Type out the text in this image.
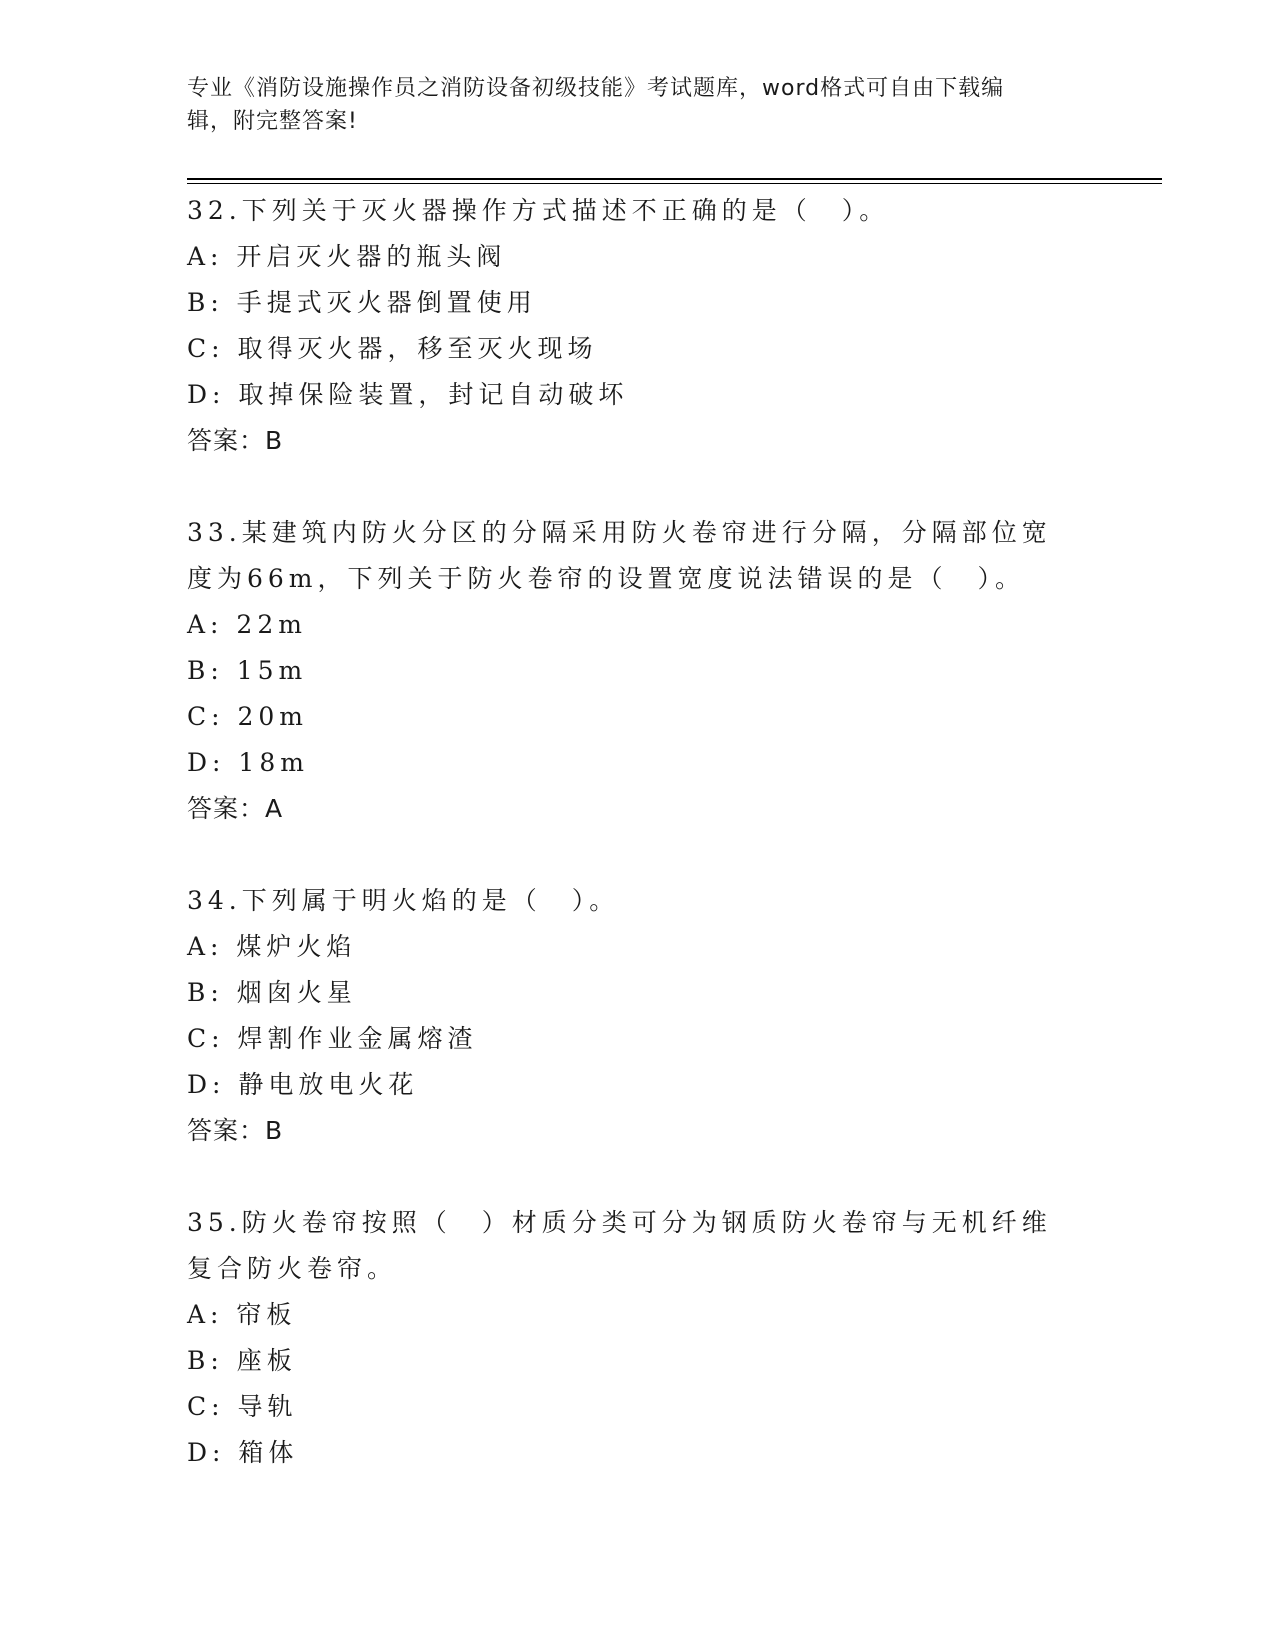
专业《消防设施操作员之消防设备初级技能》考试题库，word格式可自由下载编
辑，附完整答案!
32.下列关于灭火器操作方式描述不正确的是（　）。
A: 开启灭火器的瓶头阀
B: 手提式灭火器倒置使用
C: 取得灭火器，移至灭火现场
D: 取掉保险装置，封记自动破坏
答案：B
33.某建筑内防火分区的分隔采用防火卷帘进行分隔，分隔部位宽度为66m，下列关于防火卷帘的设置宽度说法错误的是（　）。
A: 22m
B: 15m
C: 20m
D: 18m
答案：A
34.下列属于明火焰的是（　）。
A: 煤炉火焰
B: 烟囱火星
C: 焊割作业金属熔渣
D: 静电放电火花
答案：B
35.防火卷帘按照（　）材质分类可分为钢质防火卷帘与无机纤维复合防火卷帘。
A: 帘板
B: 座板
C: 导轨
D: 箱体
